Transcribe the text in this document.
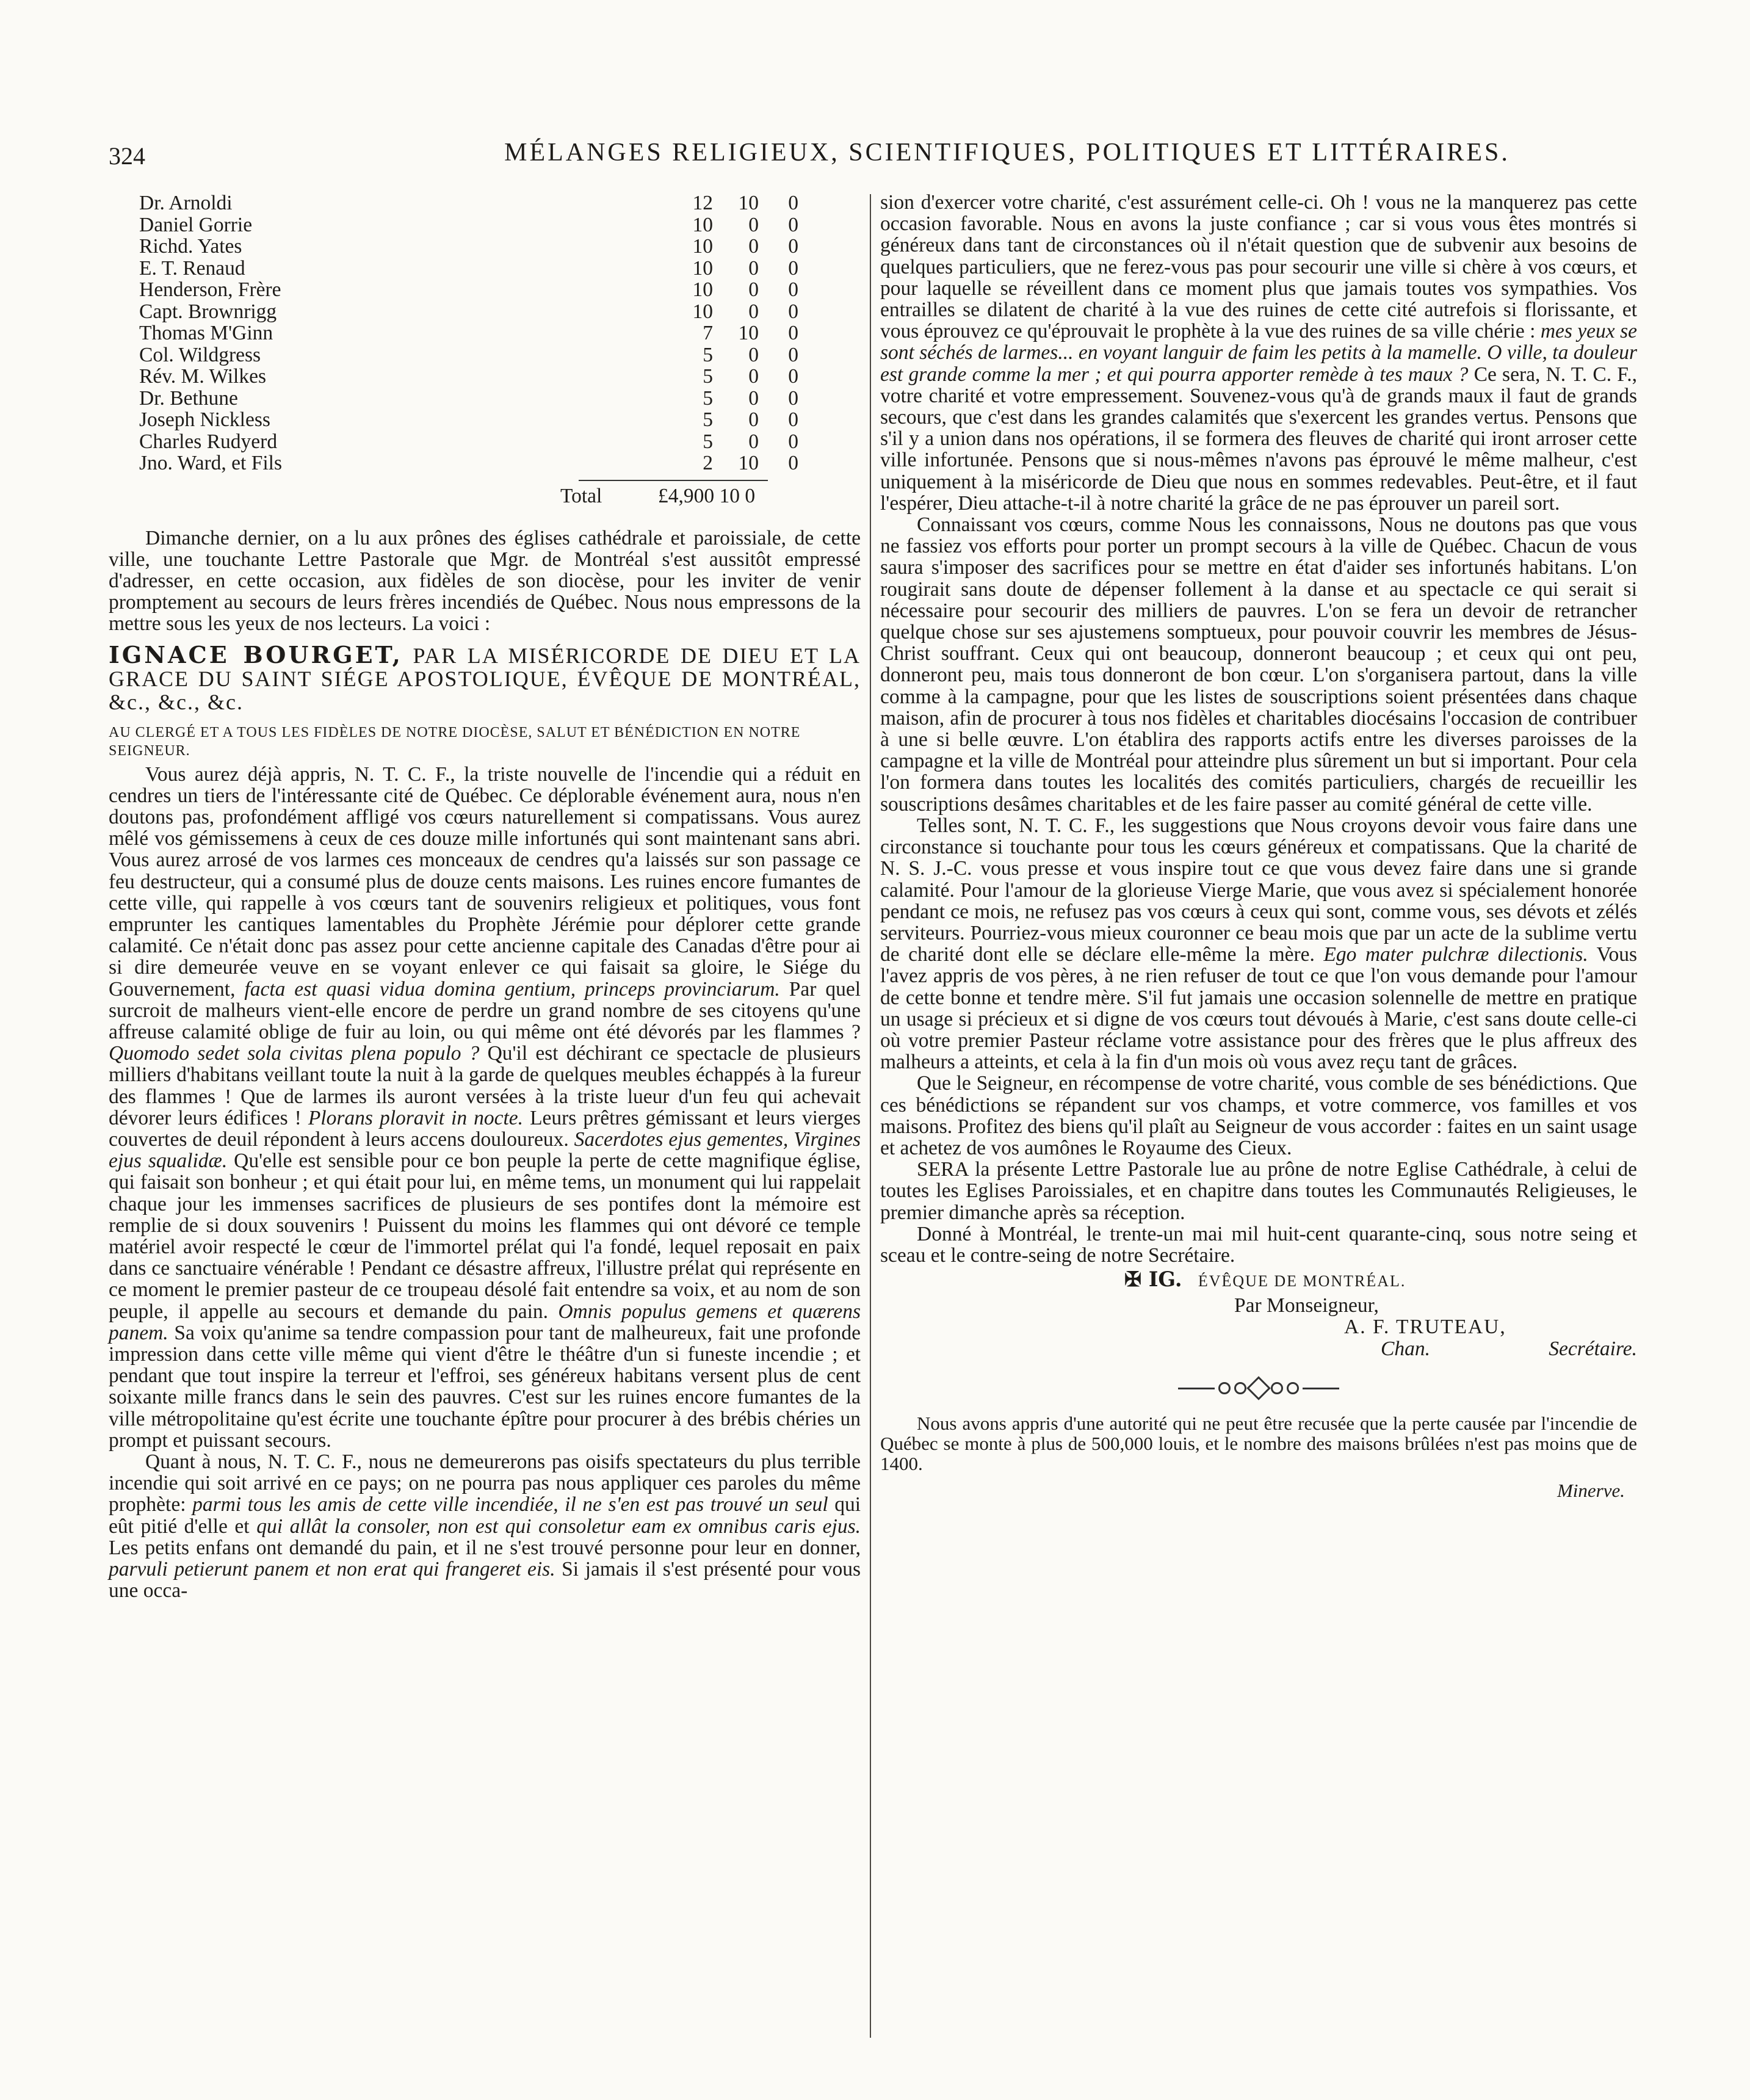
324	MÉLANGES RELIGIEUX, SCIENTIFIQUES, POLITIQUES ET LITTÉRAIRES.
Dr. Arnoldi	12	10	0
Daniel Gorrie	10	0	0
Richd. Yates	10	0	0
E. T. Renaud	10	0	0
Henderson, Frère	10	0	0
Capt. Brownrigg	10	0	0
Thomas M'Ginn	7	10	0
Col. Wildgress	5	0	0
Rév. M. Wilkes	5	0	0
Dr. Bethune	5	0	0
Joseph Nickless	5	0	0
Charles Rudyerd	5	0	0
Jno. Ward, et Fils	2	10	0
Total	£4,900 10 0

Dimanche dernier, on a lu aux prônes des églises cathédrale et paroissiale, de cette ville, une touchante Lettre Pastorale que Mgr. de Montréal s'est aussitôt empressé d'adresser, en cette occasion, aux fidèles de son diocèse, pour les inviter de venir promptement au secours de leurs frères incendiés de Québec. Nous nous empressons de la mettre sous les yeux de nos lecteurs. La voici :

IGNACE BOURGET, PAR LA MISÉRICORDE DE DIEU ET LA GRACE DU SAINT SIÉGE APOSTOLIQUE, ÉVÊQUE DE MONTRÉAL, &c., &c., &c.
AU CLERGÉ ET A TOUS LES FIDÈLES DE NOTRE DIOCÈSE, SALUT ET BÉNÉDICTION EN NOTRE SEIGNEUR.

Vous aurez déjà appris, N. T. C. F., la triste nouvelle de l'incendie qui a réduit en cendres un tiers de l'intéressante cité de Québec. Ce déplorable événement aura, nous n'en doutons pas, profondément affligé vos cœurs naturellement si compatissans. Vous aurez mêlé vos gémissemens à ceux de ces douze mille infortunés qui sont maintenant sans abri. Vous aurez arrosé de vos larmes ces monceaux de cendres qu'a laissés sur son passage ce feu destructeur, qui a consumé plus de douze cents maisons. Les ruines encore fumantes de cette ville, qui rappelle à vos cœurs tant de souvenirs religieux et politiques, vous font emprunter les cantiques lamentables du Prophète Jérémie pour déplorer cette grande calamité. Ce n'était donc pas assez pour cette ancienne capitale des Canadas d'être pour ai si dire demeurée veuve en se voyant enlever ce qui faisait sa gloire, le Siége du Gouvernement, facta est quasi vidua domina gentium, princeps provinciarum. Par quel surcroit de malheurs vient-elle encore de perdre un grand nombre de ses citoyens qu'une affreuse calamité oblige de fuir au loin, ou qui même ont été dévorés par les flammes ? Quomodo sedet sola civitas plena populo ? Qu'il est déchirant ce spectacle de plusieurs milliers d'habitans veillant toute la nuit à la garde de quelques meubles échappés à la fureur des flammes ! Que de larmes ils auront versées à la triste lueur d'un feu qui achevait dévorer leurs édifices ! Plorans ploravit in nocte. Leurs prêtres gémissant et leurs vierges couvertes de deuil répondent à leurs accens douloureux. Sacerdotes ejus gementes, Virgines ejus squalidæ. Qu'elle est sensible pour ce bon peuple la perte de cette magnifique église, qui faisait son bonheur ; et qui était pour lui, en même tems, un monument qui lui rappelait chaque jour les immenses sacrifices de plusieurs de ses pontifes dont la mémoire est remplie de si doux souvenirs ! Puissent du moins les flammes qui ont dévoré ce temple matériel avoir respecté le cœur de l'immortel prélat qui l'a fondé, lequel reposait en paix dans ce sanctuaire vénérable ! Pendant ce désastre affreux, l'illustre prélat qui représente en ce moment le premier pasteur de ce troupeau désolé fait entendre sa voix, et au nom de son peuple, il appelle au secours et demande du pain. Omnis populus gemens et quærens panem. Sa voix qu'anime sa tendre compassion pour tant de malheureux, fait une profonde impression dans cette ville même qui vient d'être le théâtre d'un si funeste incendie ; et pendant que tout inspire la terreur et l'effroi, ses généreux habitans versent plus de cent soixante mille francs dans le sein des pauvres. C'est sur les ruines encore fumantes de la ville métropolitaine qu'est écrite une touchante épître pour procurer à des brébis chéries un prompt et puissant secours.

Quant à nous, N. T. C. F., nous ne demeurerons pas oisifs spectateurs du plus terrible incendie qui soit arrivé en ce pays; on ne pourra pas nous appliquer ces paroles du même prophète: parmi tous les amis de cette ville incendiée, il ne s'en est pas trouvé un seul qui eût pitié d'elle et qui allât la consoler, non est qui consoletur eam ex omnibus caris ejus. Les petits enfans ont demandé du pain, et il ne s'est trouvé personne pour leur en donner, parvuli petierunt panem et non erat qui frangeret eis. Si jamais il s'est présenté pour vous une occa-

sion d'exercer votre charité, c'est assurément celle-ci. Oh ! vous ne la manquerez pas cette occasion favorable. Nous en avons la juste confiance ; car si vous vous êtes montrés si généreux dans tant de circonstances où il n'était question que de subvenir aux besoins de quelques particuliers, que ne ferez-vous pas pour secourir une ville si chère à vos cœurs, et pour laquelle se réveillent dans ce moment plus que jamais toutes vos sympathies. Vos entrailles se dilatent de charité à la vue des ruines de cette cité autrefois si florissante, et vous éprouvez ce qu'éprouvait le prophète à la vue des ruines de sa ville chérie : mes yeux se sont séchés de larmes... en voyant languir de faim les petits à la mamelle. O ville, ta douleur est grande comme la mer ; et qui pourra apporter remède à tes maux ? Ce sera, N. T. C. F., votre charité et votre empressement. Souvenez-vous qu'à de grands maux il faut de grands secours, que c'est dans les grandes calamités que s'exercent les grandes vertus. Pensons que s'il y a union dans nos opérations, il se formera des fleuves de charité qui iront arroser cette ville infortunée. Pensons que si nous-mêmes n'avons pas éprouvé le même malheur, c'est uniquement à la miséricorde de Dieu que nous en sommes redevables. Peut-être, et il faut l'espérer, Dieu attache-t-il à notre charité la grâce de ne pas éprouver un pareil sort.

Connaissant vos cœurs, comme Nous les connaissons, Nous ne doutons pas que vous ne fassiez vos efforts pour porter un prompt secours à la ville de Québec. Chacun de vous saura s'imposer des sacrifices pour se mettre en état d'aider ses infortunés habitans. L'on rougirait sans doute de dépenser follement à la danse et au spectacle ce qui serait si nécessaire pour secourir des milliers de pauvres. L'on se fera un devoir de retrancher quelque chose sur ses ajustemens somptueux, pour pouvoir couvrir les membres de Jésus-Christ souffrant. Ceux qui ont beaucoup, donneront beaucoup ; et ceux qui ont peu, donneront peu, mais tous donneront de bon cœur. L'on s'organisera partout, dans la ville comme à la campagne, pour que les listes de souscriptions soient présentées dans chaque maison, afin de procurer à tous nos fidèles et charitables diocésains l'occasion de contribuer à une si belle œuvre. L'on établira des rapports actifs entre les diverses paroisses de la campagne et la ville de Montréal pour atteindre plus sûrement un but si important. Pour cela l'on formera dans toutes les localités des comités particuliers, chargés de recueillir les souscriptions desâmes charitables et de les faire passer au comité général de cette ville.

Telles sont, N. T. C. F., les suggestions que Nous croyons devoir vous faire dans une circonstance si touchante pour tous les cœurs généreux et compatissans. Que la charité de N. S. J.-C. vous presse et vous inspire tout ce que vous devez faire dans une si grande calamité. Pour l'amour de la glorieuse Vierge Marie, que vous avez si spécialement honorée pendant ce mois, ne refusez pas vos cœurs à ceux qui sont, comme vous, ses dévots et zélés serviteurs. Pourriez-vous mieux couronner ce beau mois que par un acte de la sublime vertu de charité dont elle se déclare elle-même la mère. Ego mater pulchræ dilectionis. Vous l'avez appris de vos pères, à ne rien refuser de tout ce que l'on vous demande pour l'amour de cette bonne et tendre mère. S'il fut jamais une occasion solennelle de mettre en pratique un usage si précieux et si digne de vos cœurs tout dévoués à Marie, c'est sans doute celle-ci où votre premier Pasteur réclame votre assistance pour des frères que le plus affreux des malheurs a atteints, et cela à la fin d'un mois où vous avez reçu tant de grâces.

Que le Seigneur, en récompense de votre charité, vous comble de ses bénédictions. Que ces bénédictions se répandent sur vos champs, et votre commerce, vos familles et vos maisons. Profitez des biens qu'il plaît au Seigneur de vous accorder : faites en un saint usage et achetez de vos aumônes le Royaume des Cieux.

SERA la présente Lettre Pastorale lue au prône de notre Eglise Cathédrale, à celui de toutes les Eglises Paroissiales, et en chapitre dans toutes les Communautés Religieuses, le premier dimanche après sa réception.

Donné à Montréal, le trente-un mai mil huit-cent quarante-cinq, sous notre seing et sceau et le contre-seing de notre Secrétaire.

✠ IG. ÉVÊQUE DE MONTRÉAL.
Par Monseigneur,
A. F. TRUTEAU,
Chan.	Secrétaire.

Nous avons appris d'une autorité qui ne peut être recusée que la perte causée par l'incendie de Québec se monte à plus de 500,000 louis, et le nombre des maisons brûlées n'est pas moins que de 1400.

Minerve.
